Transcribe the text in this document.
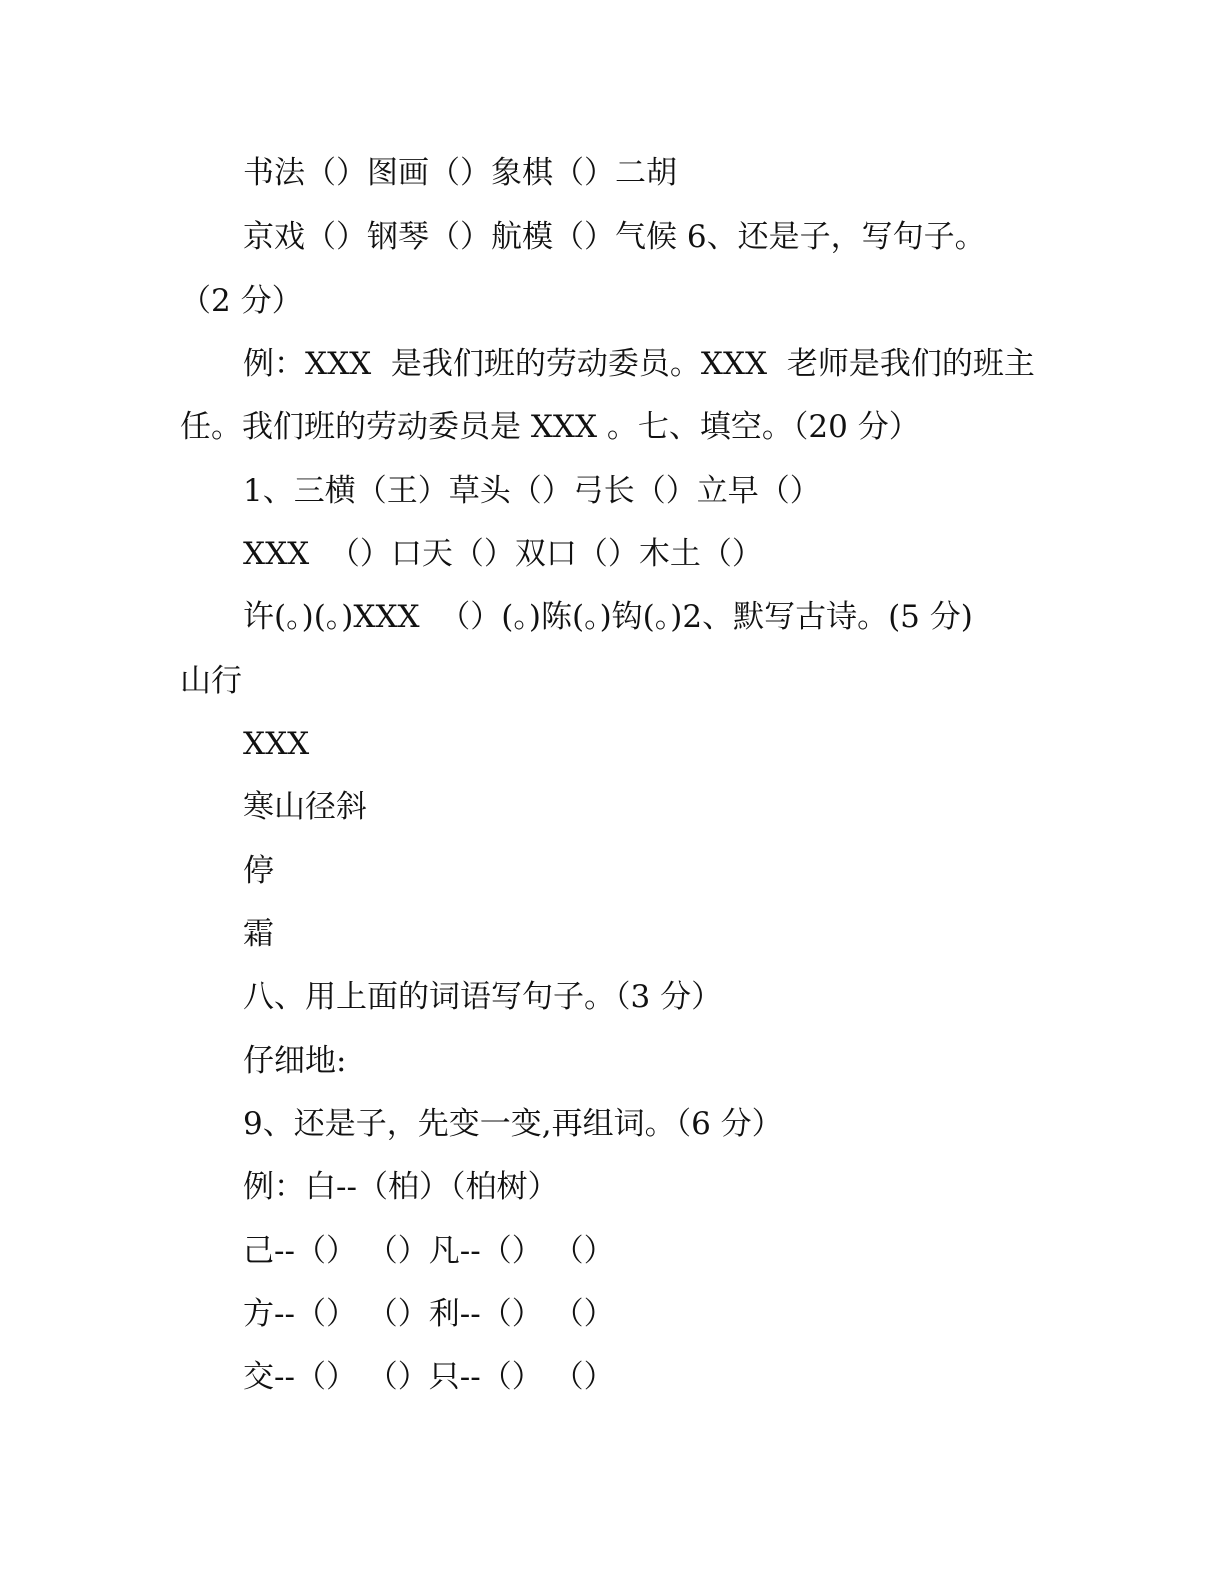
书法（）图画（）象棋（）二胡
京戏（）钢琴（）航模（）气候 6、还是子，写句子。
（2 分）
例：XXX  是我们班的劳动委员。XXX  老师是我们的班主
任。我们班的劳动委员是 XXX 。七、填空。（20 分）
1、三横（王）草头（）弓长（）立早（）
XXX  （）口天（）双口（）木土（）
许(。)(。)XXX  （）(。)陈(。)钩(。)2、默写古诗。(5 分)
山行
XXX
寒山径斜
停
霜
八、用上面的词语写句子。（3 分）
仔细地:
9、还是子，先变一变,再组词。（6 分）
例：白--（柏）（柏树）
己--（） （）凡--（） （）
方--（） （）利--（） （）
交--（） （）只--（） （）
